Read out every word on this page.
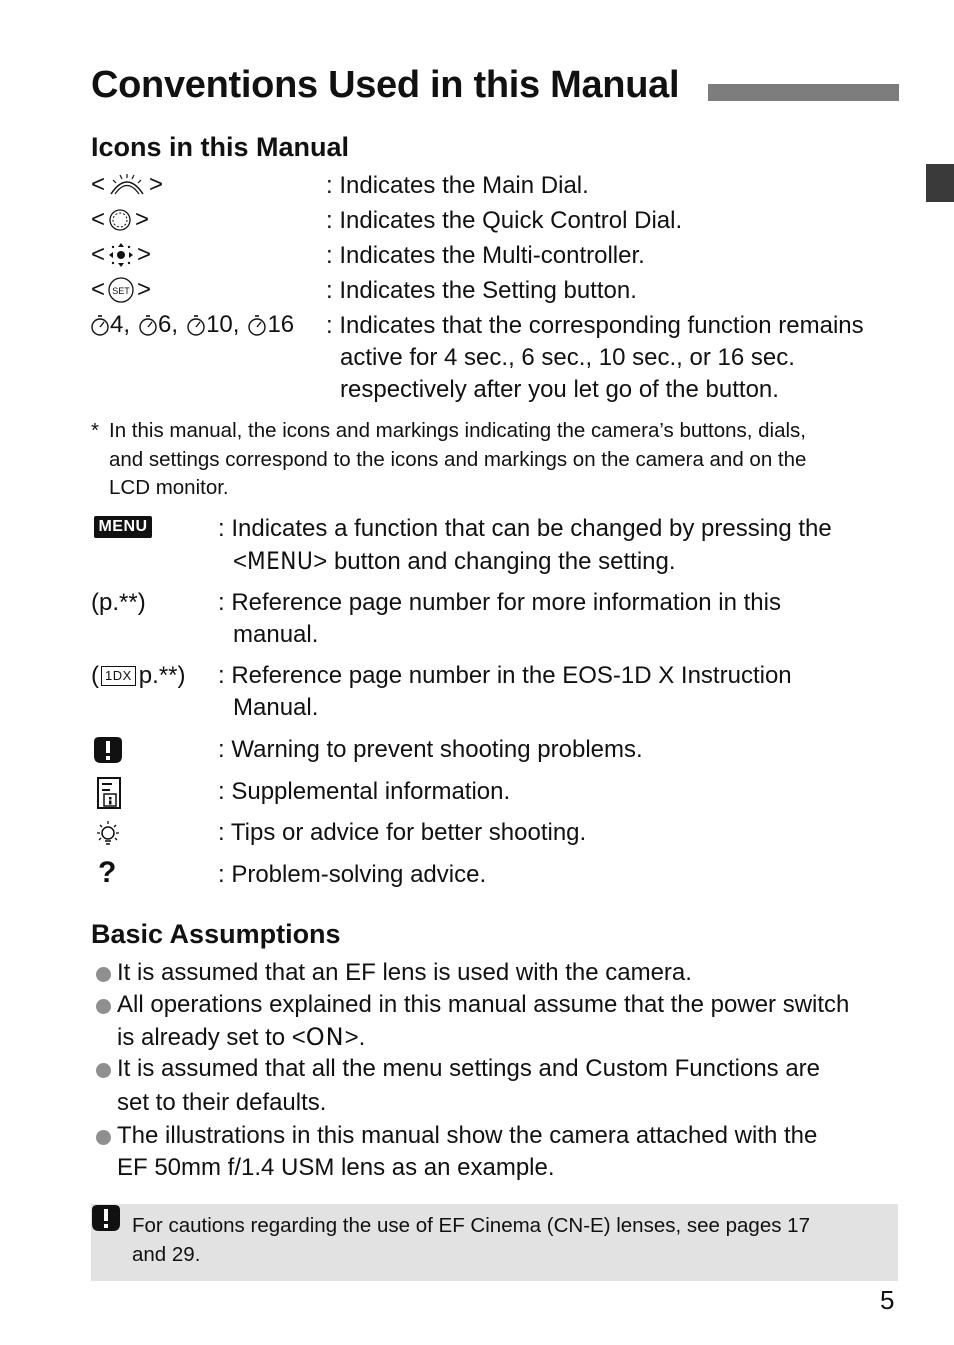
Conventions Used in this Manual
Icons in this Manual
< >	: Indicates the Main Dial.
< >	: Indicates the Quick Control Dial.
< >	: Indicates the Multi-controller.
< SET >	: Indicates the Setting button.
4 , 6 , 10 , 16 : Indicates that the corresponding function remains
active for 4 sec., 6 sec., 10 sec., or 16 sec.
respectively after you let go of the button.
* In this manual, the icons and markings indicating the camera’s buttons, dials,
and settings correspond to the icons and markings on the camera and on the
LCD monitor.
MENU	: Indicates a function that can be changed by pressing the
<MENU> button and changing the setting.
(p.**)	: Reference page number for more information in this
manual.
( 1DX p.**) : Reference page number in the EOS-1D X Instruction
Manual.
: Warning to prevent shooting problems.
: Supplemental information.
: Tips or advice for better shooting.
?	: Problem-solving advice.
Basic Assumptions
It is assumed that an EF lens is used with the camera.
All operations explained in this manual assume that the power switch
is already set to <ON>.
It is assumed that all the menu settings and Custom Functions are
set to their defaults.
The illustrations in this manual show the camera attached with the
EF 50mm f/1.4 USM lens as an example.
For cautions regarding the use of EF Cinema (CN-E) lenses, see pages 17
and 29.
5
